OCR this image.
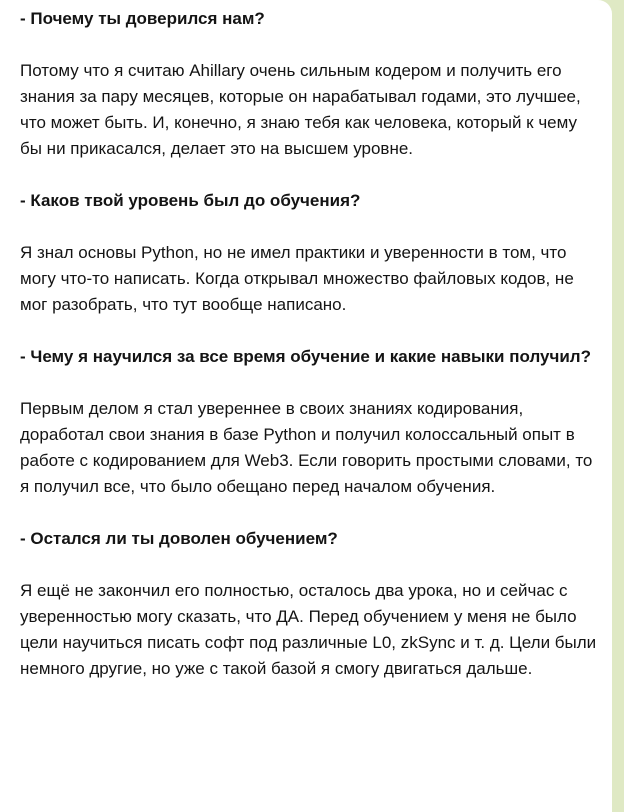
- Почему ты доверился нам?

Потому что я считаю Ahillary очень сильным кодером и получить его знания за пару месяцев, которые он нарабатывал годами, это лучшее, что может быть. И, конечно, я знаю тебя как человека, который к чему бы ни прикасался, делает это на высшем уровне.

- Каков твой уровень был до обучения?

Я знал основы Python, но не имел практики и уверенности в том, что могу что-то написать. Когда открывал множество файловых кодов, не мог разобрать, что тут вообще написано.

- Чему я научился за все время обучение и какие навыки получил?

Первым делом я стал увереннее в своих знаниях кодирования, доработал свои знания в базе Python и получил колоссальный опыт в работе с кодированием для Web3. Если говорить простыми словами, то я получил все, что было обещано перед началом обучения.

- Остался ли ты доволен обучением?

Я ещё не закончил его полностью, осталось два урока, но и сейчас с уверенностью могу сказать, что ДА. Перед обучением у меня не было цели научиться писать софт под различные L0, zkSync и т. д. Цели были немного другие, но уже с такой базой я смогу двигаться дальше.
